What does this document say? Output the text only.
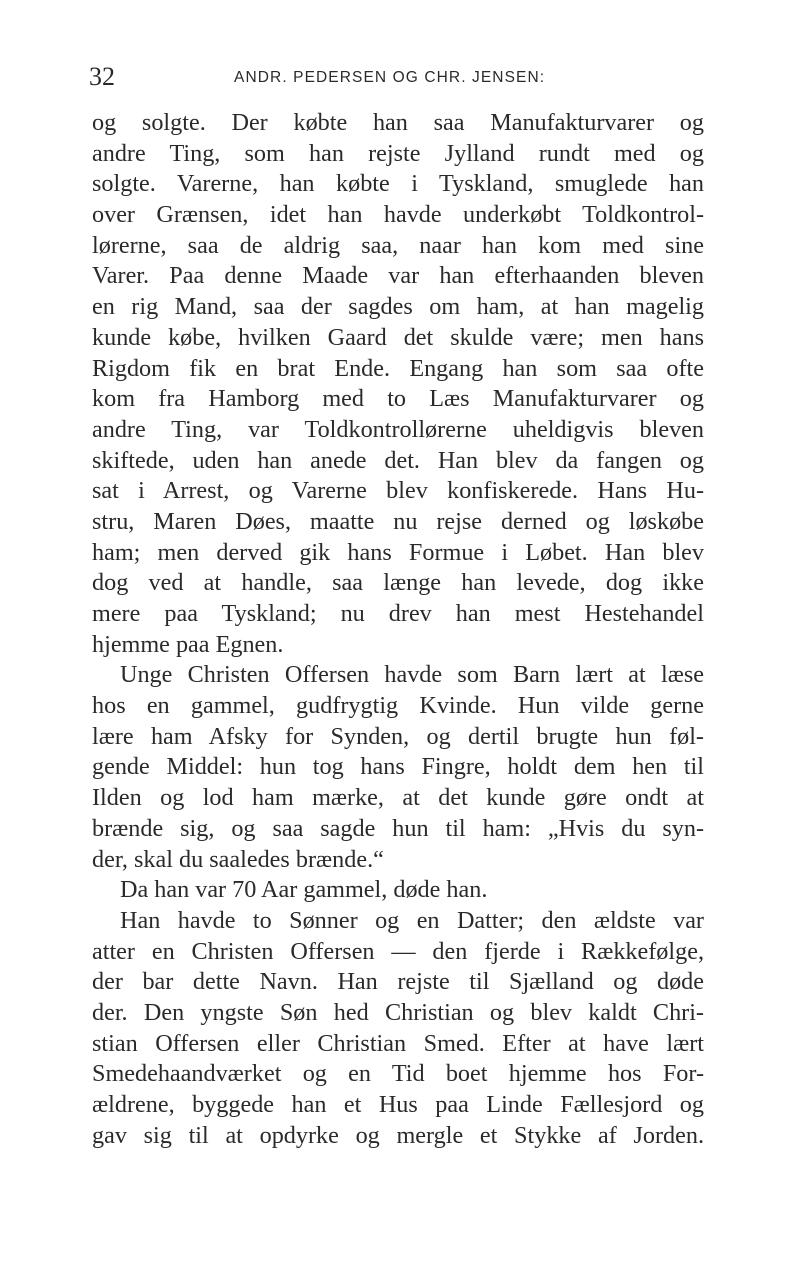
32	ANDR. PEDERSEN OG CHR. JENSEN:
og solgte. Der købte han saa Manufakturvarer og
andre Ting, som han rejste Jylland rundt med og
solgte. Varerne, han købte i Tyskland, smuglede han
over Grænsen, idet han havde underkøbt Toldkontrol-
lørerne, saa de aldrig saa, naar han kom med sine
Varer. Paa denne Maade var han efterhaanden bleven
en rig Mand, saa der sagdes om ham, at han magelig
kunde købe, hvilken Gaard det skulde være; men hans
Rigdom fik en brat Ende. Engang han som saa ofte
kom fra Hamborg med to Læs Manufakturvarer og
andre Ting, var Toldkontrollørerne uheldigvis bleven
skiftede, uden han anede det. Han blev da fangen og
sat i Arrest, og Varerne blev konfiskerede. Hans Hu-
stru, Maren Døes, maatte nu rejse derned og løskøbe
ham; men derved gik hans Formue i Løbet. Han blev
dog ved at handle, saa længe han levede, dog ikke
mere paa Tyskland; nu drev han mest Hestehandel
hjemme paa Egnen.
Unge Christen Offersen havde som Barn lært at læse
hos en gammel, gudfrygtig Kvinde. Hun vilde gerne
lære ham Afsky for Synden, og dertil brugte hun føl-
gende Middel: hun tog hans Fingre, holdt dem hen til
Ilden og lod ham mærke, at det kunde gøre ondt at
brænde sig, og saa sagde hun til ham: „Hvis du syn-
der, skal du saaledes brænde.“
Da han var 70 Aar gammel, døde han.
Han havde to Sønner og en Datter; den ældste var
atter en Christen Offersen — den fjerde i Rækkefølge,
der bar dette Navn. Han rejste til Sjælland og døde
der. Den yngste Søn hed Christian og blev kaldt Chri-
stian Offersen eller Christian Smed. Efter at have lært
Smedehaandværket og en Tid boet hjemme hos For-
ældrene, byggede han et Hus paa Linde Fællesjord og
gav sig til at opdyrke og mergle et Stykke af Jorden.
